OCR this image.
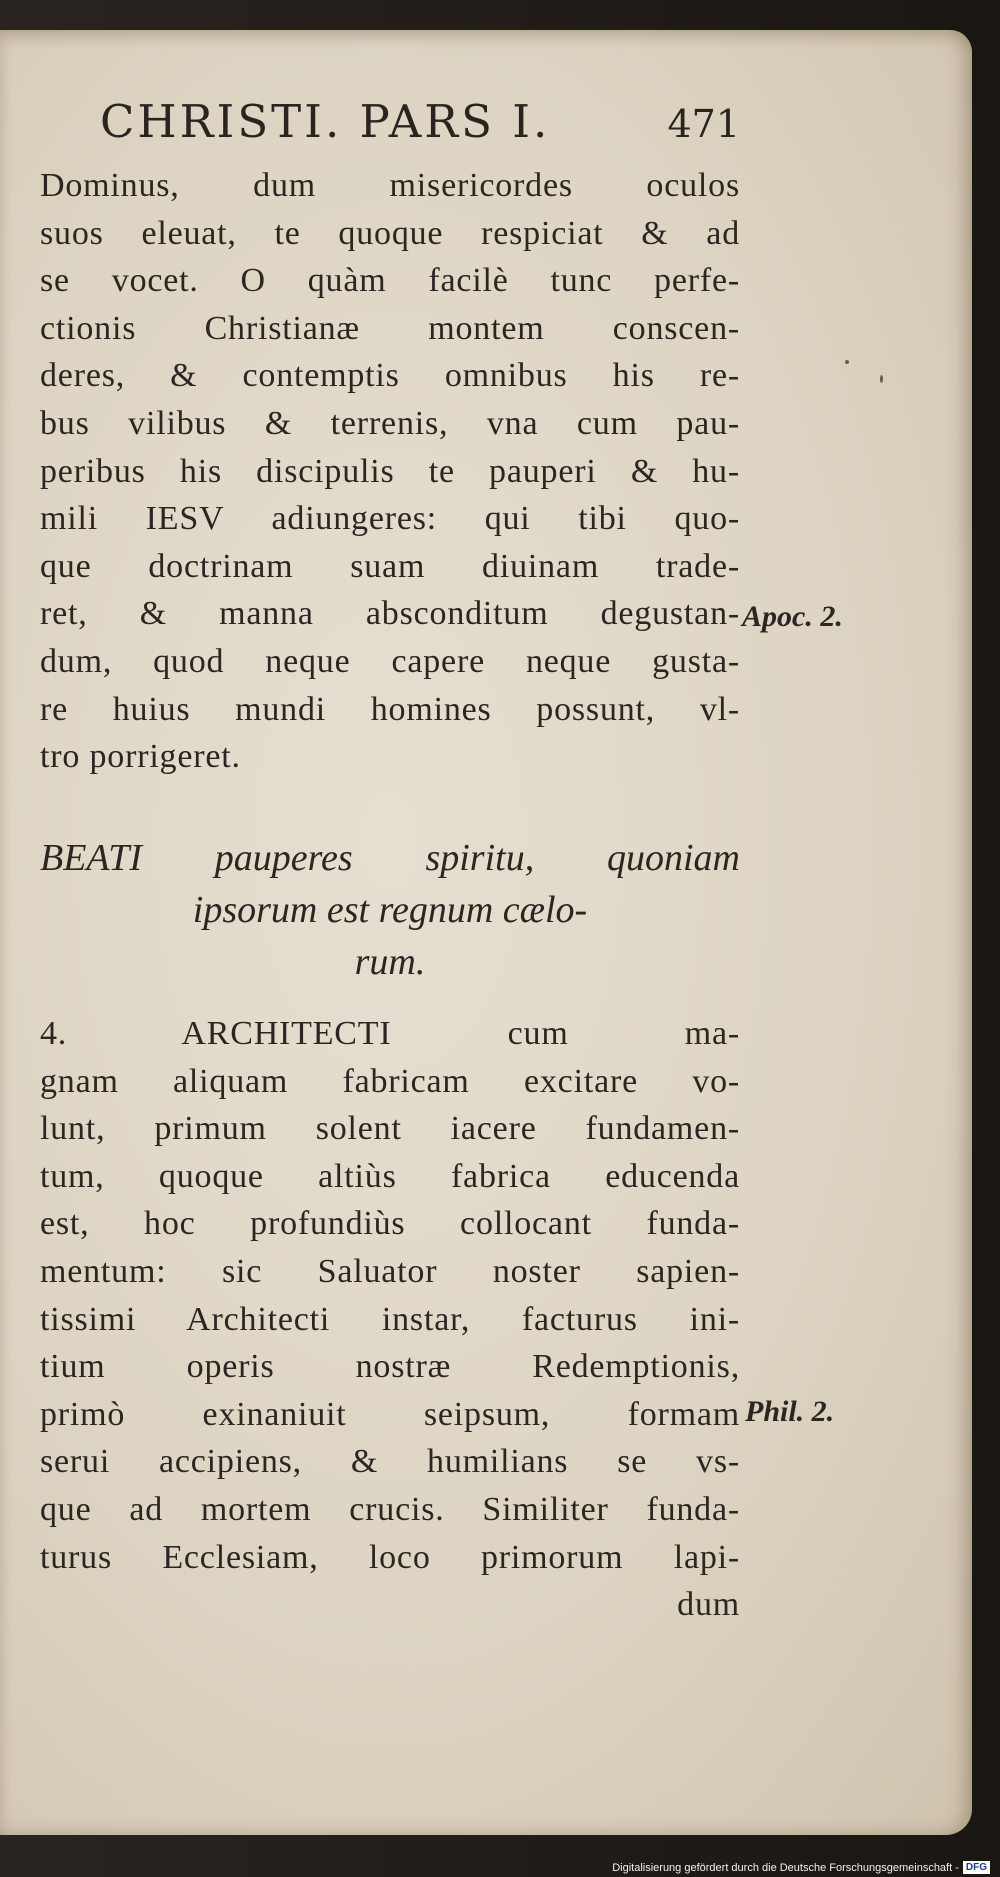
CHRISTI. PARS I.	471
Dominus, dum misericordes oculos
suos eleuat, te quoque respiciat & ad
se vocet. O quàm facilè tunc perfe-
ctionis Christianæ montem conscen-
deres, & contemptis omnibus his re-
bus vilibus & terrenis, vna cum pau-
peribus his discipulis te pauperi & hu-
mili IESV adiungeres: qui tibi quo-
que doctrinam suam diuinam trade-
ret, & manna absconditum degustan-
dum, quod neque capere neque gusta-
re huius mundi homines possunt, vl-
tro porrigeret.
Apoc. 2.
BEATI pauperes spiritu, quoniam
ipsorum est regnum cælo-
rum.
4. ARCHITECTI cum ma-
gnam aliquam fabricam excitare vo-
lunt, primum solent iacere fundamen-
tum, quoque altiùs fabrica educenda
est, hoc profundiùs collocant funda-
mentum: sic Saluator noster sapien-
tissimi Architecti instar, facturus ini-
tium operis nostræ Redemptionis,
primò exinaniuit seipsum, formam
serui accipiens, & humilians se vs-
que ad mortem crucis. Similiter funda-
turus Ecclesiam, loco primorum lapi-
dum
Phil. 2.
Digitalisierung gefördert durch die Deutsche Forschungsgemeinschaft - DFG
